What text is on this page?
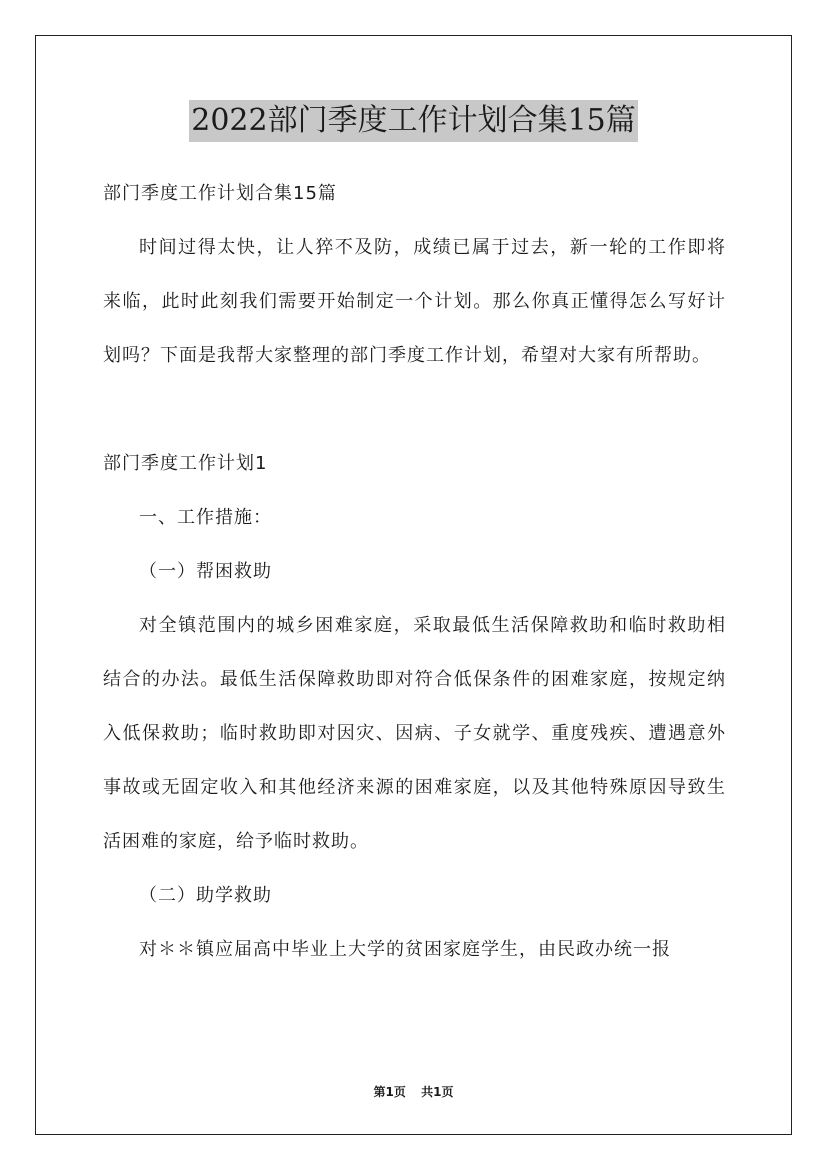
2022部门季度工作计划合集15篇

部门季度工作计划合集15篇

时间过得太快，让人猝不及防，成绩已属于过去，新一轮的工作即将来临，此时此刻我们需要开始制定一个计划。那么你真正懂得怎么写好计划吗？下面是我帮大家整理的部门季度工作计划，希望对大家有所帮助。

部门季度工作计划1

一、工作措施：

（一）帮困救助

对全镇范围内的城乡困难家庭，采取最低生活保障救助和临时救助相结合的办法。最低生活保障救助即对符合低保条件的困难家庭，按规定纳入低保救助；临时救助即对因灾、因病、子女就学、重度残疾、遭遇意外事故或无固定收入和其他经济来源的困难家庭，以及其他特殊原因导致生活困难的家庭，给予临时救助。

（二）助学救助

对＊＊镇应届高中毕业上大学的贫困家庭学生，由民政办统一报

第1页 共1页
